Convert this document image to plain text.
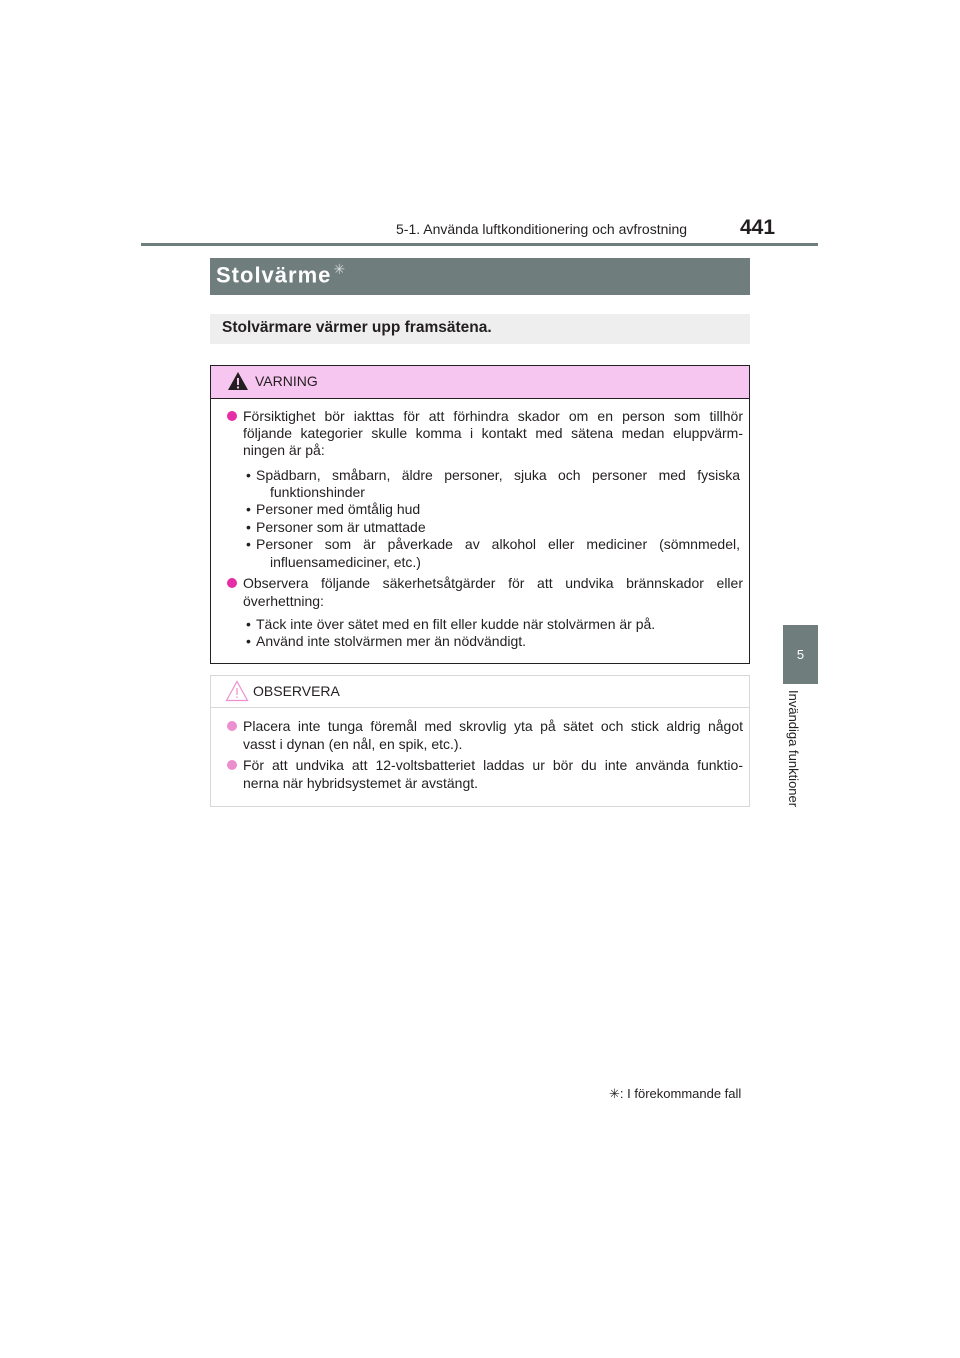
5-1. Använda luftkonditionering och avfrostning	441
5
Invändiga funktioner
Stolvärme ✳
Stolvärmare värmer upp framsätena.
VARNING
Försiktighet bör iakttas för att förhindra skador om en person som tillhör
följande kategorier skulle komma i kontakt med sätena medan eluppvärm-
ningen är på:
• Spädbarn, småbarn, äldre personer, sjuka och personer med fysiska
funktionshinder
• Personer med ömtålig hud
• Personer som är utmattade
• Personer som är påverkade av alkohol eller mediciner (sömnmedel,
influensamediciner, etc.)
Observera följande säkerhetsåtgärder för att undvika brännskador eller
överhettning:
• Täck inte över sätet med en filt eller kudde när stolvärmen är på.
• Använd inte stolvärmen mer än nödvändigt.
OBSERVERA
Placera inte tunga föremål med skrovlig yta på sätet och stick aldrig något
vasst i dynan (en nål, en spik, etc.).
För att undvika att 12-voltsbatteriet laddas ur bör du inte använda funktio-
nerna när hybridsystemet är avstängt.
✳: I förekommande fall
